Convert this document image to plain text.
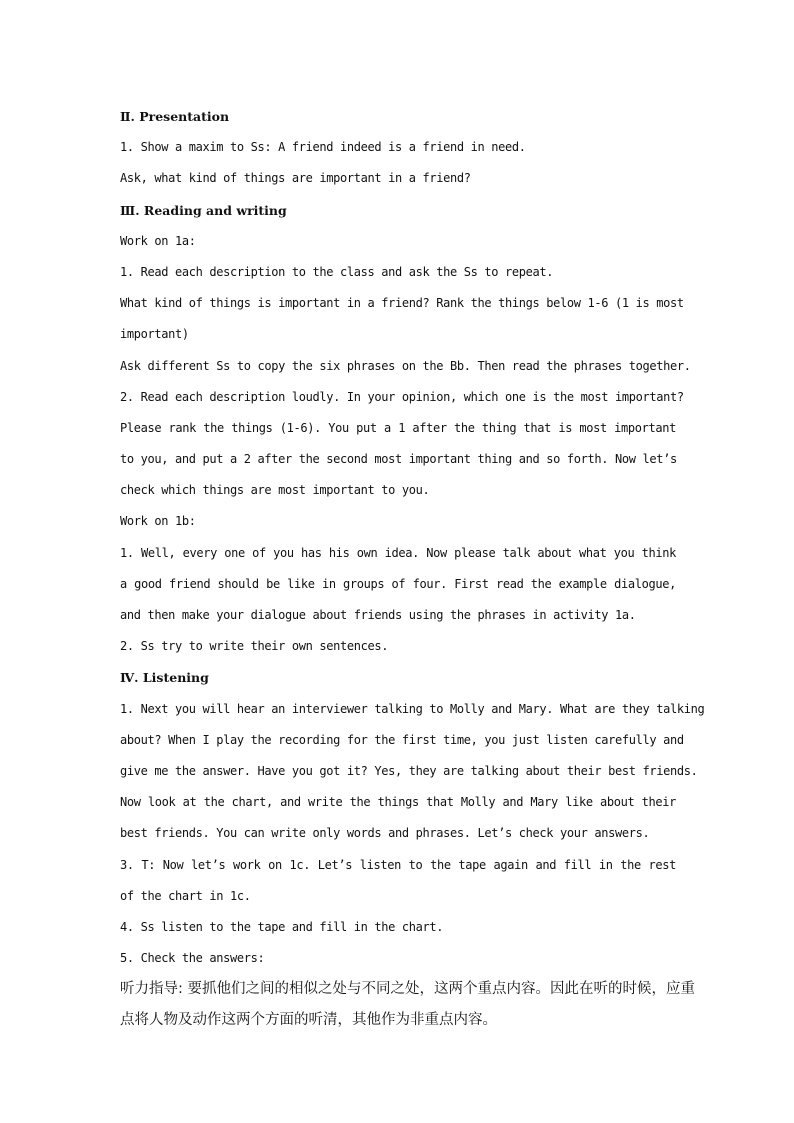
Ⅱ. Presentation
1. Show a maxim to Ss: A friend indeed is a friend in need.
Ask, what kind of things are important in a friend?
Ⅲ. Reading and writing
Work on 1a:
1. Read each description to the class and ask the Ss to repeat.
What kind of things is important in a friend? Rank the things below 1-6 (1 is most
important)
Ask different Ss to copy the six phrases on the Bb. Then read the phrases together.
2. Read each description loudly. In your opinion, which one is the most important?
Please rank the things (1-6). You put a 1 after the thing that is most important
to you, and put a 2 after the second most important thing and so forth. Now let’s
check which things are most important to you.
Work on 1b:
1. Well, every one of you has his own idea. Now please talk about what you think
a good friend should be like in groups of four. First read the example dialogue,
and then make your dialogue about friends using the phrases in activity 1a.
2. Ss try to write their own sentences.
Ⅳ. Listening
1. Next you will hear an interviewer talking to Molly and Mary. What are they talking
about? When I play the recording for the first time, you just listen carefully and
give me the answer. Have you got it? Yes, they are talking about their best friends.
Now look at the chart, and write the things that Molly and Mary like about their
best friends. You can write only words and phrases. Let’s check your answers.
3. T: Now let’s work on 1c. Let’s listen to the tape again and fill in the rest
of the chart in 1c.
4. Ss listen to the tape and fill in the chart.
5. Check the answers:
听力指导: 要抓他们之间的相似之处与不同之处，这两个重点内容。因此在听的时候，应重
点将人物及动作这两个方面的听清，其他作为非重点内容。
